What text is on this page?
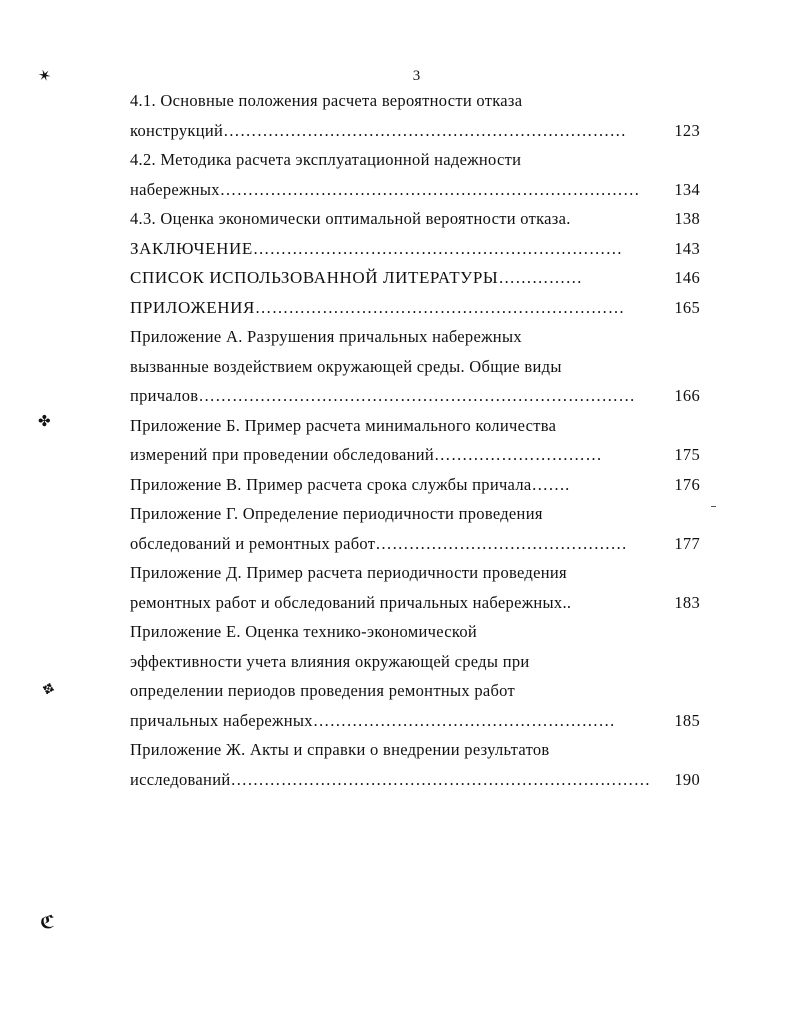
3
4.1. Основные положения расчета вероятности отказа
конструкций………………………………………………………………	123
4.2. Методика расчета эксплуатационной надежности
набережных………………………………………………………………… 134
4.3. Оценка экономически оптимальной вероятности отказа.	138
ЗАКЛЮЧЕНИЕ…………………………………………………………	143
СПИСОК ИСПОЛЬЗОВАННОЙ ЛИТЕРАТУРЫ……………	146
ПРИЛОЖЕНИЯ…………………………………………………………	165
Приложение А. Разрушения причальных набережных
вызванные воздействием окружающей среды. Общие виды
причалов…………………………………………………………………… 166
Приложение Б. Пример расчета минимального количества
измерений при проведении обследований…………………………	175
Приложение В. Пример расчета срока службы причала…….	176
Приложение Г. Определение периодичности проведения
обследований и ремонтных работ………………………………………	177
Приложение Д. Пример расчета периодичности проведения
ремонтных работ и обследований причальных набережных..	183
Приложение Е. Оценка технико-экономической
эффективности учета влияния окружающей среды при
определении периодов проведения ремонтных работ
причальных набережных………………………………………………	185
Приложение Ж. Акты и справки о внедрении результатов
исследований………………………………………………………………… 190
✶
✤
✥
ℭ
